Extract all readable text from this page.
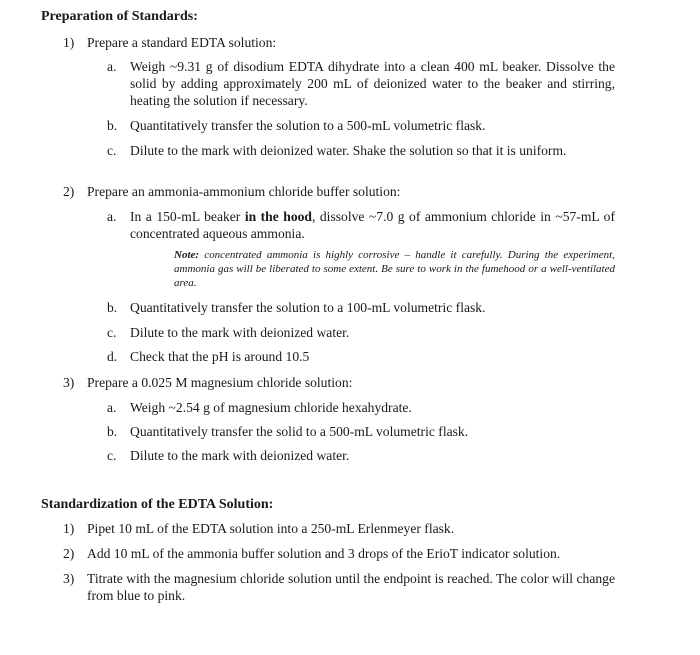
Preparation of Standards:
1) Prepare a standard EDTA solution:
a. Weigh ~9.31 g of disodium EDTA dihydrate into a clean 400 mL beaker. Dissolve the solid by adding approximately 200 mL of deionized water to the beaker and stirring, heating the solution if necessary.
b. Quantitatively transfer the solution to a 500-mL volumetric flask.
c. Dilute to the mark with deionized water. Shake the solution so that it is uniform.
2) Prepare an ammonia-ammonium chloride buffer solution:
a. In a 150-mL beaker in the hood, dissolve ~7.0 g of ammonium chloride in ~57-mL of concentrated aqueous ammonia.
Note: concentrated ammonia is highly corrosive – handle it carefully. During the experiment, ammonia gas will be liberated to some extent. Be sure to work in the fumehood or a well-ventilated area.
b. Quantitatively transfer the solution to a 100-mL volumetric flask.
c. Dilute to the mark with deionized water.
d. Check that the pH is around 10.5
3) Prepare a 0.025 M magnesium chloride solution:
a. Weigh ~2.54 g of magnesium chloride hexahydrate.
b. Quantitatively transfer the solid to a 500-mL volumetric flask.
c. Dilute to the mark with deionized water.
Standardization of the EDTA Solution:
1) Pipet 10 mL of the EDTA solution into a 250-mL Erlenmeyer flask.
2) Add 10 mL of the ammonia buffer solution and 3 drops of the EriоT indicator solution.
3) Titrate with the magnesium chloride solution until the endpoint is reached. The color will change from blue to pink.
